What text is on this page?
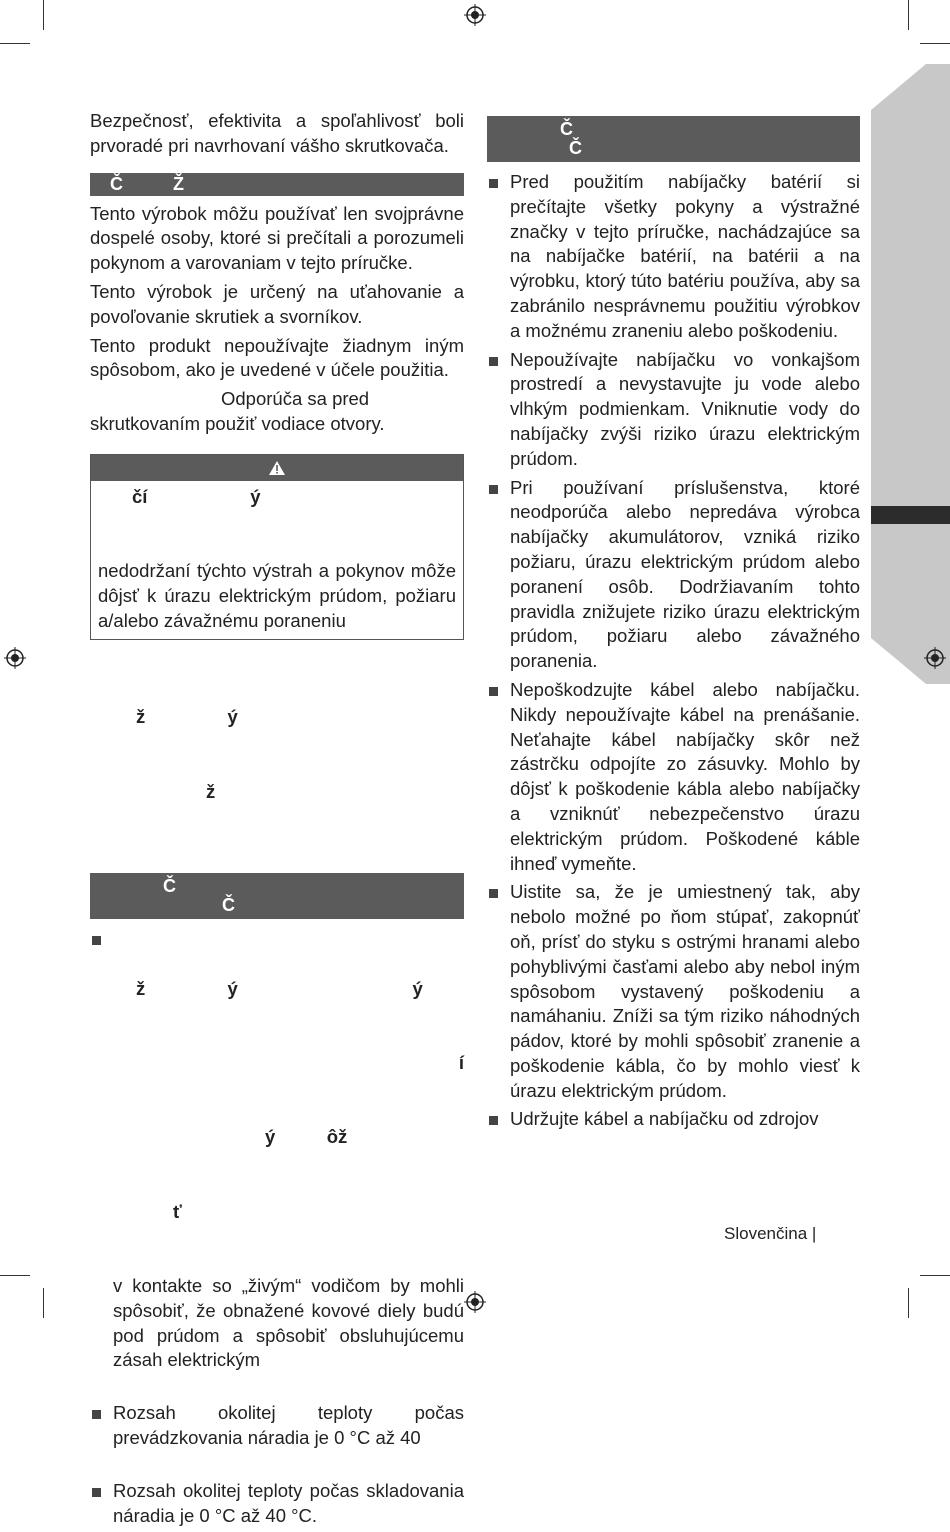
Bezpečnosť, efektivita a spoľahlivosť boli prvoradé pri navrhovaní vášho skrutkovača.

Č          Ž

Tento výrobok môžu používať len svojprávne dospelé osoby, ktoré si prečítali a porozumeli pokynom a varovaniam v tejto príručke.

Tento výrobok je určený na uťahovanie a povoľovanie skrutiek a svorníkov.

Tento produkt nepoužívajte žiadnym iným spôsobom, ako je uvedené v účele použitia.

Odporúča sa pred
skrutkovaním použiť vodiace otvory.

čí                    ý
nedodržaní týchto výstrah a pokynov môže dôjsť k úrazu elektrickým prúdom, požiaru a/alebo závažnému poraneniu

ž                ý

ž

Č
Č

ž                ý                                  ý

í

ý          ôž

ť

v kontakte so „živým“ vodičom by mohli spôsobiť, že obnažené kovové diely budú pod prúdom a spôsobiť obsluhujúcemu zásah elektrickým
Rozsah okolitej teploty počas prevádzkovania náradia je 0 °C až 40
Rozsah okolitej teploty počas skladovania náradia je 0 °C až 40 °C.
Č
Č
Pred použitím nabíjačky batérií si prečítajte všetky pokyny a výstražné značky v tejto príručke, nachádzajúce sa na nabíjačke batérií, na batérii a na výrobku, ktorý túto batériu používa, aby sa zabránilo nesprávnemu použitiu výrobkov a možnému zraneniu alebo poškodeniu.
Nepoužívajte nabíjačku vo vonkajšom prostredí a nevystavujte ju vode alebo vlhkým podmienkam. Vniknutie vody do nabíjačky zvýši riziko úrazu elektrickým prúdom.
Pri používaní príslušenstva, ktoré neodporúča alebo nepredáva výrobca nabíjačky akumulátorov, vzniká riziko požiaru, úrazu elektrickým prúdom alebo poranení osôb. Dodržiavaním tohto pravidla znižujete riziko úrazu elektrickým prúdom, požiaru alebo závažného poranenia.
Nepoškodzujte kábel alebo nabíjačku. Nikdy nepoužívajte kábel na prenášanie. Neťahajte kábel nabíjačky skôr než zástrčku odpojíte zo zásuvky. Mohlo by dôjsť k poškodenie kábla alebo nabíjačky a vzniknúť nebezpečenstvo úrazu elektrickým prúdom. Poškodené káble ihneď vymeňte.
Uistite sa, že je umiestnený tak, aby nebolo možné po ňom stúpať, zakopnúť oň, prísť do styku s ostrými hranami alebo pohyblivými časťami alebo aby nebol iným spôsobom vystavený poškodeniu a namáhaniu. Zníži sa tým riziko náhodných pádov, ktoré by mohli spôsobiť zranenie a poškodenie kábla, čo by mohlo viesť k úrazu elektrickým prúdom.
Udržujte kábel a nabíjačku od zdrojov
Slovenčina |
